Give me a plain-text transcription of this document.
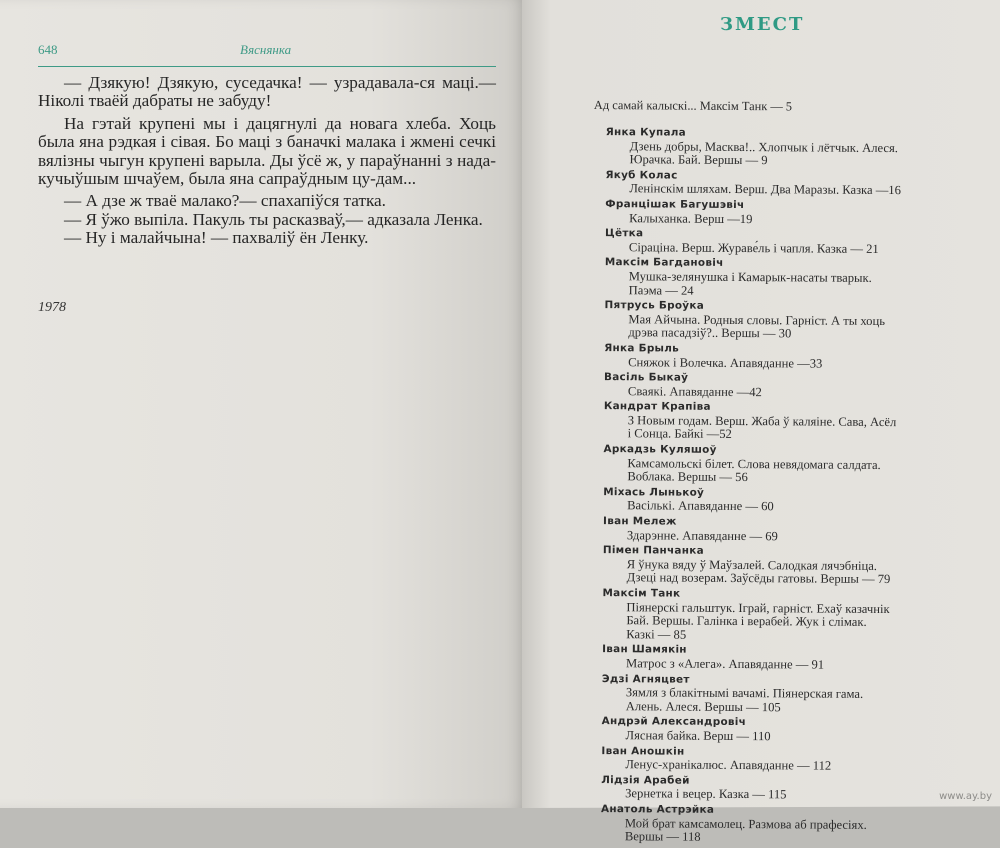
648	Вяснянка

— Дзякую! Дзякую, суседачка! — узрадавала-ся маці.— Ніколі тваёй дабраты не забуду!

На гэтай крупені мы і дацягнулі да новага хлеба. Хоць была яна рэдкая і сівая. Бо маці з баначкі малака і жмені сечкі вялізны чыгун крупені варыла. Ды ўсё ж, у параўнанні з нада-кучыўшым шчаўем, была яна сапраўдным цу-дам...

— А дзе ж тваё малако?— спахапіўся татка.

— Я ўжо выпіла. Пакуль ты расказваў,— адказала Ленка.

— Ну і малайчына! — пахваліў ён Ленку.

1978
ЗМЕСТ

Ад самай калыскі... Максім Танк — 5

Янка Купала
Дзень добры, Масква!.. Хлопчык і лётчык. Алеся.
Юрачка. Бай. Вершы — 9
Якуб Колас
Ленінскім шляхам. Верш. Два Маразы. Казка —16
Францішак Багушэвіч
Калыханка. Верш —19
Цётка
Сіраціна. Верш. Жураве́ль і чапля. Казка — 21
Максім Багдановіч
Мушка-зелянушка і Камарык-насаты тварык.
Паэма — 24
Пятрусь Броўка
Мая Айчына. Родныя словы. Гарніст. А ты хоць
дрэва пасадзіў?.. Вершы — 30
Янка Брыль
Сняжок і Волечка. Апавяданне —33
Васіль Быкаў
Сваякі. Апавяданне —42
Кандрат Крапіва
З Новым годам. Верш. Жаба ў каляіне. Сава, Асёл
і Сонца. Байкі —52
Аркадзь Куляшоў
Камсамольскі білет. Слова невядомага салдата.
Воблака. Вершы — 56
Міхась Лынькоў
Васількі. Апавяданне — 60
Іван Мележ
Здарэнне. Апавяданне — 69
Пімен Панчанка
Я ўнука вяду ў Маўзалей. Салодкая лячэбніца.
Дзеці над возерам. Заўсёды гатовы. Вершы — 79
Максім Танк
Піянерскі гальштук. Іграй, гарніст. Ехаў казачнік
Бай. Вершы. Галінка і верабей. Жук і слімак.
Казкі — 85
Іван Шамякін
Матрос з «Алега». Апавяданне — 91
Эдзі Агняцвет
Зямля з блакітнымі вачамі. Піянерская гама.
Алень. Алеся. Вершы — 105
Андрэй Александровіч
Лясная байка. Верш — 110
Іван Аношкін
Ленус-хранікалюс. Апавяданне — 112
Лідзія Арабей
Зернетка і вецер. Казка — 115
Анатоль Астрэйка
Мой брат камсамолец. Размова аб прафесіях.
Вершы — 118
www.ay.by
